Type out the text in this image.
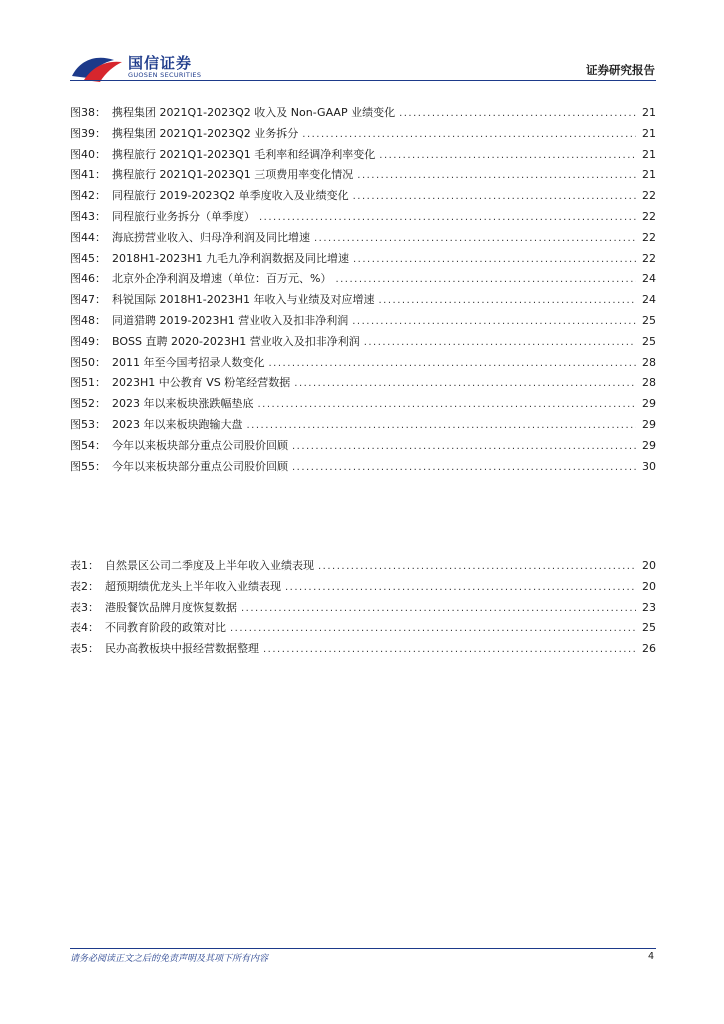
国信证券
GUOSEN SECURITIES	证券研究报告
图38： 携程集团 2021Q1-2023Q2 收入及 Non-GAAP 业绩变化 .....	21
图39： 携程集团 2021Q1-2023Q2 业务拆分 .....	21
图40： 携程旅行 2021Q1-2023Q1 毛利率和经调净利率变化 .....	21
图41： 携程旅行 2021Q1-2023Q1 三项费用率变化情况 .....	21
图42： 同程旅行 2019-2023Q2 单季度收入及业绩变化 .....	22
图43： 同程旅行业务拆分（单季度） .....	22
图44： 海底捞营业收入、归母净利润及同比增速 .....	22
图45： 2018H1-2023H1 九毛九净利润数据及同比增速 .....	22
图46： 北京外企净利润及增速（单位：百万元、%） .....	24
图47： 科锐国际 2018H1-2023H1 年收入与业绩及对应增速 .....	24
图48： 同道猎聘 2019-2023H1 营业收入及扣非净利润 .....	25
图49： BOSS 直聘 2020-2023H1 营业收入及扣非净利润 .....	25
图50： 2011 年至今国考招录人数变化 .....	28
图51： 2023H1 中公教育 VS 粉笔经营数据 .....	28
图52： 2023 年以来板块涨跌幅垫底 .....	29
图53： 2023 年以来板块跑输大盘 .....	29
图54： 今年以来板块部分重点公司股价回顾 .....	29
图55： 今年以来板块部分重点公司股价回顾 .....	30
表1： 自然景区公司二季度及上半年收入业绩表现 .....	20
表2： 超预期绩优龙头上半年收入业绩表现 .....	20
表3： 港股餐饮品牌月度恢复数据 .....	23
表4： 不同教育阶段的政策对比 .....	25
表5： 民办高教板块中报经营数据整理 .....	26
请务必阅读正文之后的免责声明及其项下所有内容	4
